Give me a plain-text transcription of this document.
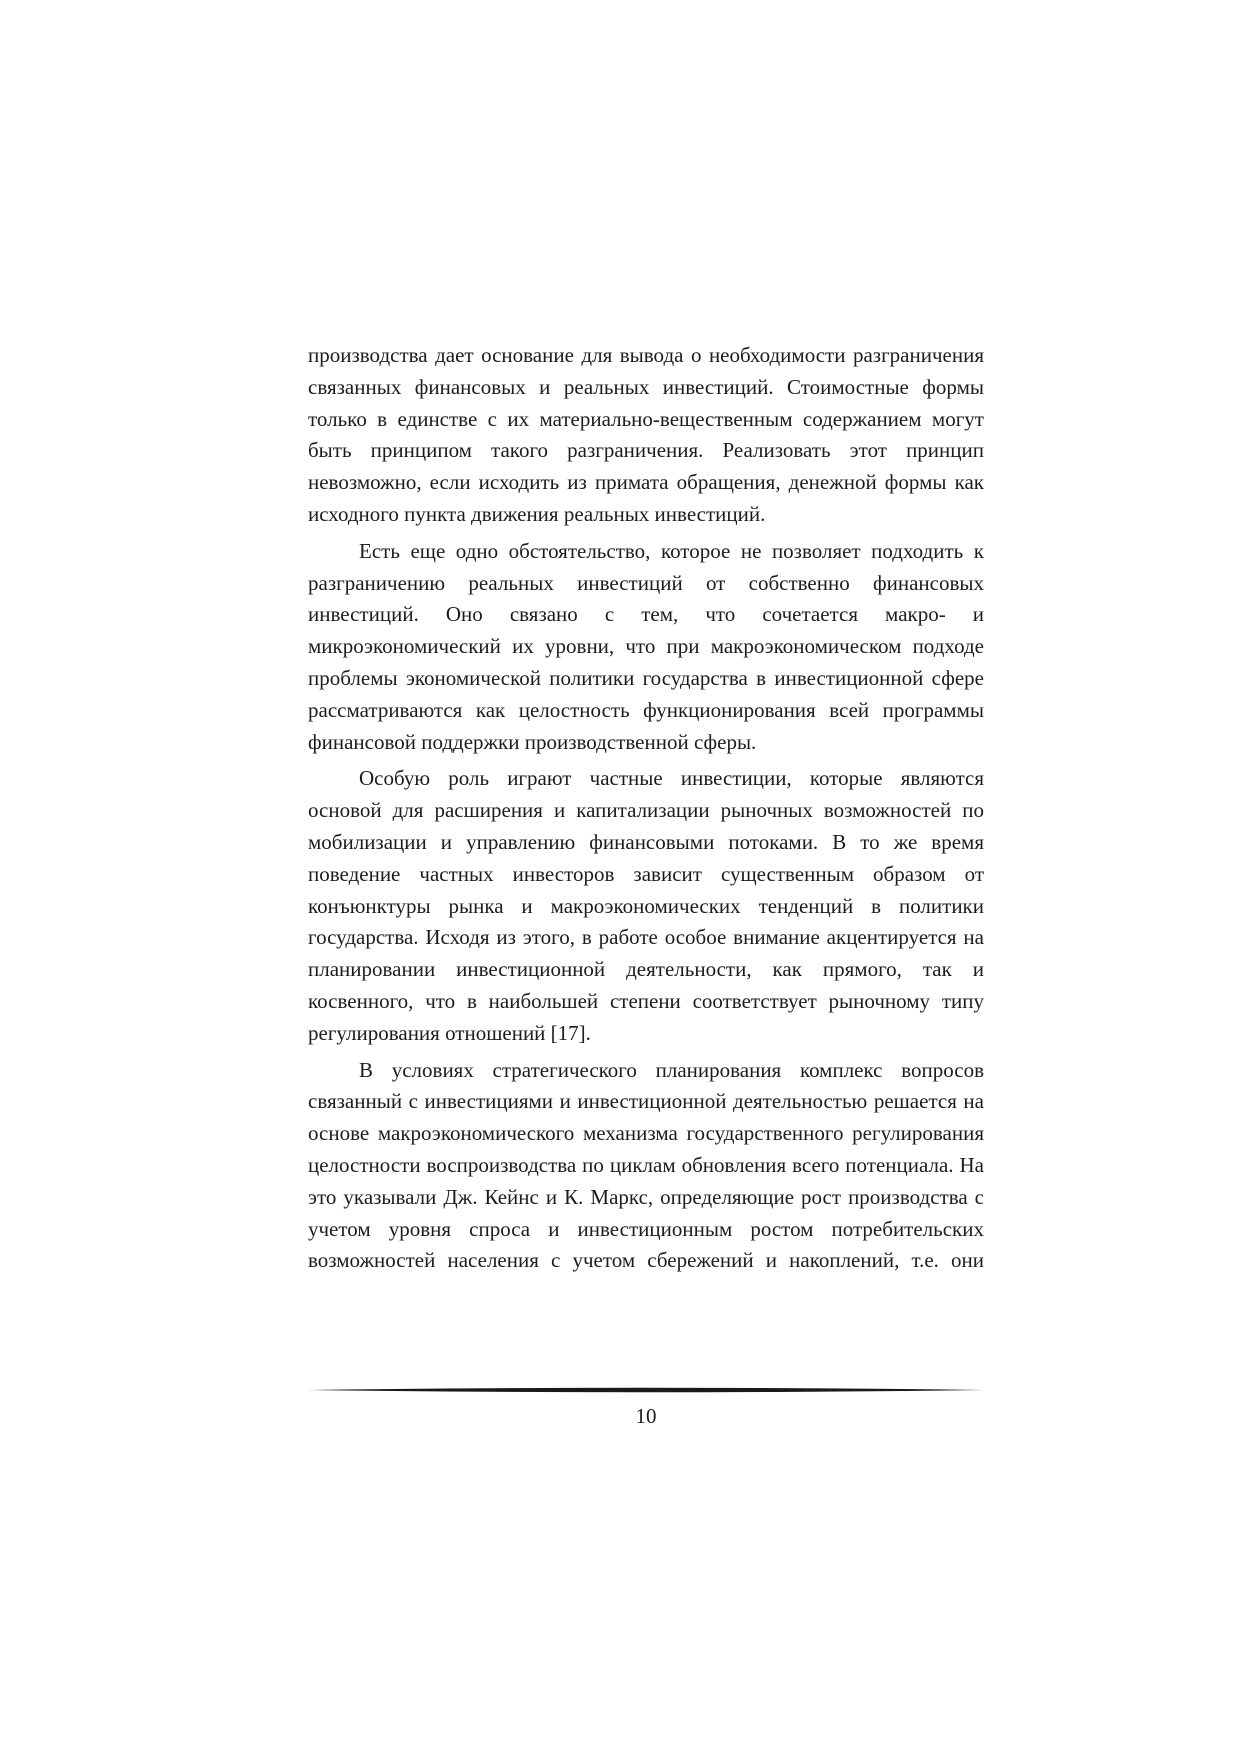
производства дает основание для вывода о необходимости разграничения связанных финансовых и реальных инвестиций. Стоимостные формы только в единстве с их материально-вещественным содержанием могут быть принципом такого разграничения. Реализовать этот принцип невозможно, если исходить из примата обращения, денежной формы как исходного пункта движения реальных инвестиций.

Есть еще одно обстоятельство, которое не позволяет подходить к разграничению реальных инвестиций от собственно финансовых инвестиций. Оно связано с тем, что сочетается макро- и микроэкономический их уровни, что при макроэкономическом подходе проблемы экономической политики государства в инвестиционной сфере рассматриваются как целостность функционирования всей программы финансовой поддержки производственной сферы.

Особую роль играют частные инвестиции, которые являются основой для расширения и капитализации рыночных возможностей по мобилизации и управлению финансовыми потоками. В то же время поведение частных инвесторов зависит существенным образом от конъюнктуры рынка и макроэкономических тенденций в политики государства. Исходя из этого, в работе особое внимание акцентируется на планировании инвестиционной деятельности, как прямого, так и косвенного, что в наибольшей степени соответствует рыночному типу регулирования отношений [17].

В условиях стратегического планирования комплекс вопросов связанный с инвестициями и инвестиционной деятельностью решается на основе макроэкономического механизма государственного регулирования целостности воспроизводства по циклам обновления всего потенциала. На это указывали Дж. Кейнс и К. Маркс, определяющие рост производства с учетом уровня спроса и инвестиционным ростом потребительских возможностей населения с учетом сбережений и накоплений, т.е. они

10
